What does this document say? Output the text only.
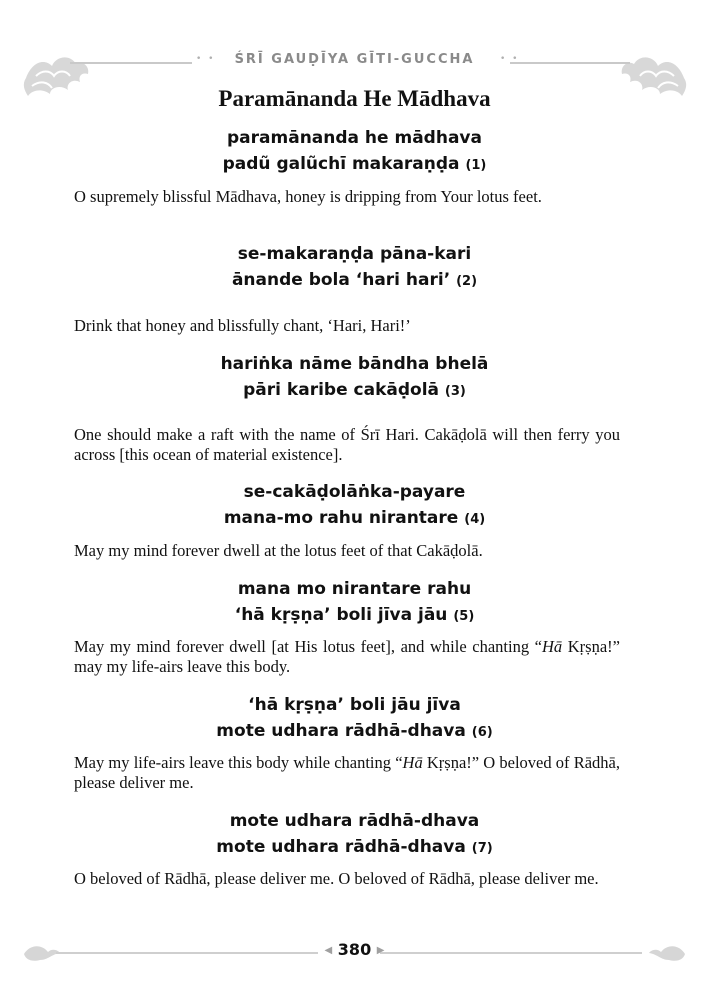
• •	• •
ŚRĪ GAUḌĪYA GĪTI-GUCCHA
Paramānanda He Mādhava
paramānanda he mādhava
padũ galũchī makaraṇḍa (1)
O supremely blissful Mādhava, honey is dripping from Your lotus feet.
se-makaraṇḍa pāna-kari
ānande bola ‘hari hari’ (2)
Drink that honey and blissfully chant, ‘Hari, Hari!’
hariṅka nāme bāndha bhelā
pāri karibe cakāḍolā (3)
One should make a raft with the name of Śrī Hari. Cakāḍolā will then ferry you across [this ocean of material existence].
se-cakāḍolāṅka-payare
mana-mo rahu nirantare (4)
May my mind forever dwell at the lotus feet of that Cakāḍolā.
mana mo nirantare rahu
‘hā kṛṣṇa’ boli jīva jāu (5)
May my mind forever dwell [at His lotus feet], and while chanting “Hā Kṛṣṇa!” may my life-airs leave this body.
‘hā kṛṣṇa’ boli jāu jīva
mote udhara rādhā-dhava (6)
May my life-airs leave this body while chanting “Hā Kṛṣṇa!” O beloved of Rādhā, please deliver me.
mote udhara rādhā-dhava
mote udhara rādhā-dhava (7)
O beloved of Rādhā, please deliver me. O beloved of Rādhā, please deliver me.
◀ 380 ▶
